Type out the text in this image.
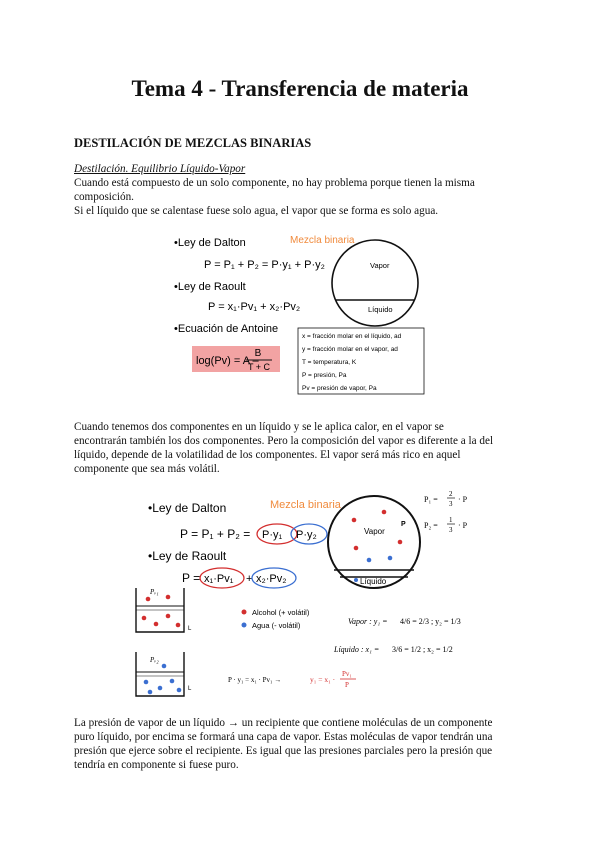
Tema 4 - Transferencia de materia
DESTILACIÓN DE MEZCLAS BINARIAS
Destilación. Equilibrio Líquido-Vapor
Cuando está compuesto de un solo componente, no hay problema porque tienen la misma
composición.
Si el líquido que se calentase fuese solo agua, el vapor que se forma es solo agua.
•Ley de Dalton
P = P₁ + P₂ = P·y₁ + P·y₂
•Ley de Raoult
P = x₁·Pv₁ + x₂·Pv₂
•Ecuación de Antoine
log(Pv) = A –
B
T + C
Mezcla binaria
Vapor
Líquido
x = fracción molar en el líquido, ad
y = fracción molar en el vapor, ad
T = temperatura, K
P = presión, Pa
Pv = presión de vapor, Pa
Cuando tenemos dos componentes en un líquido y se le aplica calor, en el vapor se
encontrarán también los dos componentes. Pero la composición del vapor es diferente a la del
líquido, depende de la volatilidad de los componentes. El vapor será más rico en aquel
componente que sea más volátil.
•Ley de Dalton
P = P₁ + P₂ = P·y₁ P·y₂
•Ley de Raoult
P = x₁·Pv₁ + x₂·Pv₂
Mezcla binaria
Vapor
P
Líquido
P₁ =
2
3 · P
P₂ =
1
3 · P
Pᵥ₁
L
Pᵥ₂
L
Alcohol (+ volátil)
Agua (- volátil)	Vapor : y₁ = 4/6 = 2/3 ; y₂ = 1/3
Líquido : x₁ = 3/6 = 1/2 ; x₂ = 1/2
P · y₁ = x₁ · Pv₁ →	y₁ = x₁ ·
Pv₁
P
La presión de vapor de un líquido → un recipiente que contiene moléculas de un componente
puro líquido, por encima se formará una capa de vapor. Estas moléculas de vapor tendrán una
presión que ejerce sobre el recipiente. Es igual que las presiones parciales pero la presión que
tendría en componente si fuese puro.
